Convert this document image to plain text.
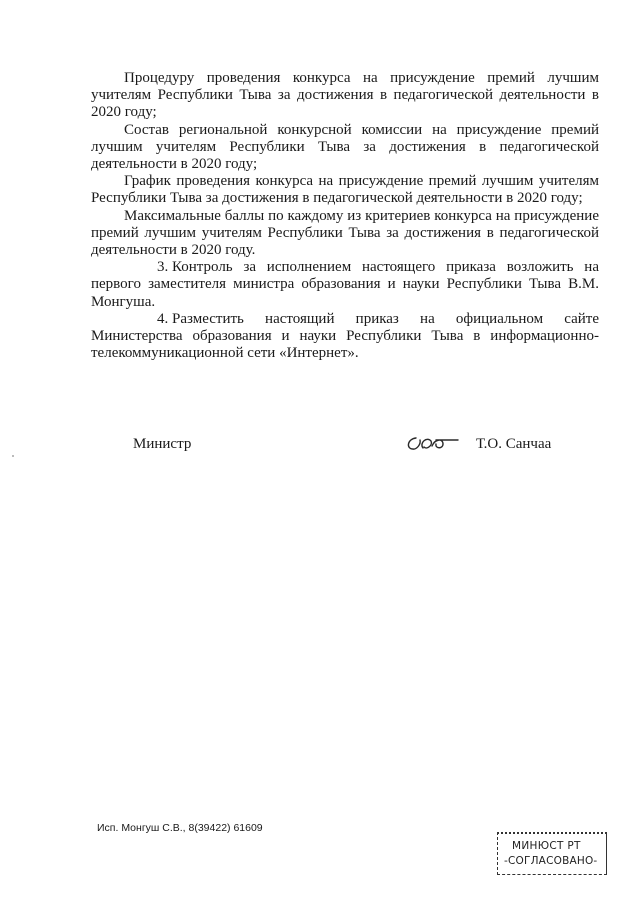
Процедуру проведения конкурса на присуждение премий лучшим учителям Республики Тыва за достижения в педагогической деятельности в 2020 году;

Состав региональной конкурсной комиссии на присуждение премий лучшим учителям Республики Тыва за достижения в педагогической деятельности в 2020 году;

График проведения конкурса на присуждение премий лучшим учителям Республики Тыва за достижения в педагогической деятельности в 2020 году;

Максимальные баллы по каждому из критериев конкурса на присуждение премий лучшим учителям Республики Тыва за достижения в педагогической деятельности в 2020 году.

3. Контроль за исполнением настоящего приказа возложить на первого заместителя министра образования и науки Республики Тыва В.М. Монгуша.

4. Разместить настоящий приказ на официальном сайте Министерства образования и науки Республики Тыва в информационно-телекоммуникационной сети «Интернет».

Министр	Т.О. Санчаа
Исп. Монгуш С.В., 8(39422) 61609
МИНЮСТ РТ
-СОГЛАСОВАНО-
